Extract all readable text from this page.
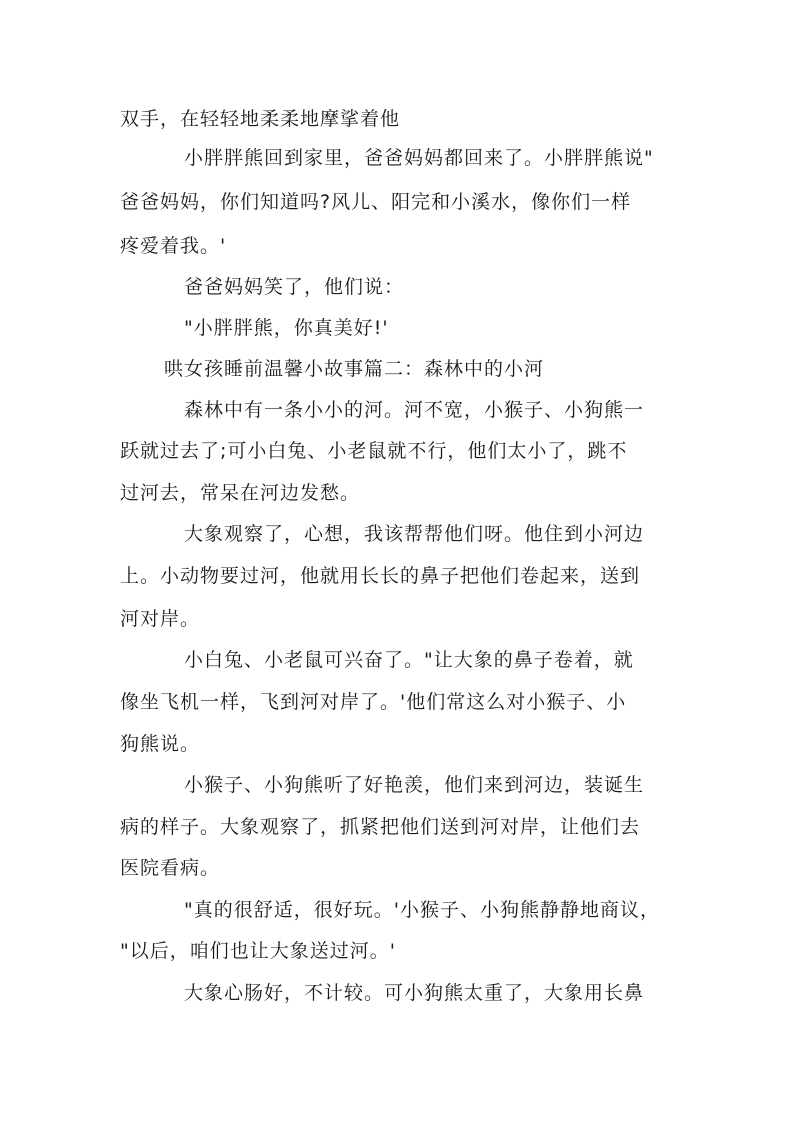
双手，在轻轻地柔柔地摩挲着他
小胖胖熊回到家里，爸爸妈妈都回来了。小胖胖熊说"
爸爸妈妈，你们知道吗?风儿、阳完和小溪水，像你们一样
疼爱着我。'
爸爸妈妈笑了，他们说：
"小胖胖熊，你真美好!'
哄女孩睡前温馨小故事篇二：森林中的小河
森林中有一条小小的河。河不宽，小猴子、小狗熊一
跃就过去了;可小白兔、小老鼠就不行，他们太小了，跳不
过河去，常呆在河边发愁。
大象观察了，心想，我该帮帮他们呀。他住到小河边
上。小动物要过河，他就用长长的鼻子把他们卷起来，送到
河对岸。
小白兔、小老鼠可兴奋了。"让大象的鼻子卷着，就
像坐飞机一样，飞到河对岸了。'他们常这么对小猴子、小
狗熊说。
小猴子、小狗熊听了好艳羡，他们来到河边，装诞生
病的样子。大象观察了，抓紧把他们送到河对岸，让他们去
医院看病。
"真的很舒适，很好玩。'小猴子、小狗熊静静地商议，
"以后，咱们也让大象送过河。'
大象心肠好，不计较。可小狗熊太重了，大象用长鼻
